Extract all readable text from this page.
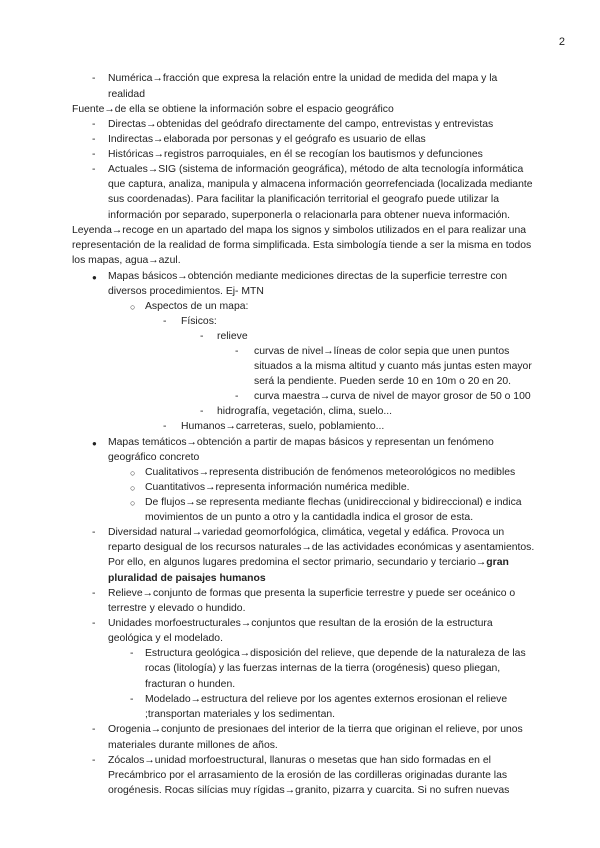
2
- Numérica→fracción que expresa la relación entre la unidad de medida del mapa y la
realidad
Fuente→de ella se obtiene la información sobre el espacio geográfico
- Directas→obtenidas del geódrafo directamente del campo, entrevistas y entrevistas
- Indirectas→elaborada por personas y el geógrafo es usuario de ellas
- Históricas→registros parroquiales, en él se recogían los bautismos y defunciones
- Actuales→SIG (sistema de información geográfica), método de alta tecnología informática
que captura, analiza, manipula y almacena información georrefenciada (localizada mediante
sus coordenadas). Para facilitar la planificación territorial el geografo puede utilizar la
información por separado, superponerla o relacionarla para obtener nueva información.
Leyenda→recoge en un apartado del mapa los signos y simbolos utilizados en el para realizar una
representación de la realidad de forma simplificada. Esta simbología tiende a ser la misma en todos
los mapas, agua→azul.
● Mapas básicos→obtención mediante mediciones directas de la superficie terrestre con
diversos procedimientos. Ej- MTN
○ Aspectos de un mapa:
- Físicos:
- relieve
- curvas de nivel→líneas de color sepia que unen puntos
situados a la misma altitud y cuanto más juntas esten mayor
será la pendiente. Pueden serde 10 en 10m o 20 en 20.
- curva maestra→curva de nivel de mayor grosor de 50 o 100
- hidrografía, vegetación, clima, suelo...
- Humanos→carreteras, suelo, poblamiento...
● Mapas temáticos→obtención a partir de mapas básicos y representan un fenómeno
geográfico concreto
○ Cualitativos→representa distribución de fenómenos meteorológicos no medibles
○ Cuantitativos→representa información numérica medible.
○ De flujos→se representa mediante flechas (unidireccional y bidireccional) e indica
movimientos de un punto a otro y la cantidadla indica el grosor de esta.
- Diversidad natural→variedad geomorfológica, climática, vegetal y edáfica. Provoca un
reparto desigual de los recursos naturales→de las actividades económicas y asentamientos.
Por ello, en algunos lugares predomina el sector primario, secundario y terciario→gran
pluralidad de paisajes humanos
- Relieve→conjunto de formas que presenta la superficie terrestre y puede ser oceánico o
terrestre y elevado o hundido.
- Unidades morfoestructurales→conjuntos que resultan de la erosión de la estructura
geológica y el modelado.
- Estructura geológica→disposición del relieve, que depende de la naturaleza de las
rocas (litología) y las fuerzas internas de la tierra (orogénesis) queso pliegan,
fracturan o hunden.
- Modelado→estructura del relieve por los agentes externos erosionan el relieve
;transportan materiales y los sedimentan.
- Orogenia→conjunto de presionaes del interior de la tierra que originan el relieve, por unos
materiales durante millones de años.
- Zócalos→unidad morfoestructural, llanuras o mesetas que han sido formadas en el
Precámbrico por el arrasamiento de la erosión de las cordilleras originadas durante las
orogénesis. Rocas silícias muy rígidas→granito, pizarra y cuarcita. Si no sufren nuevas
